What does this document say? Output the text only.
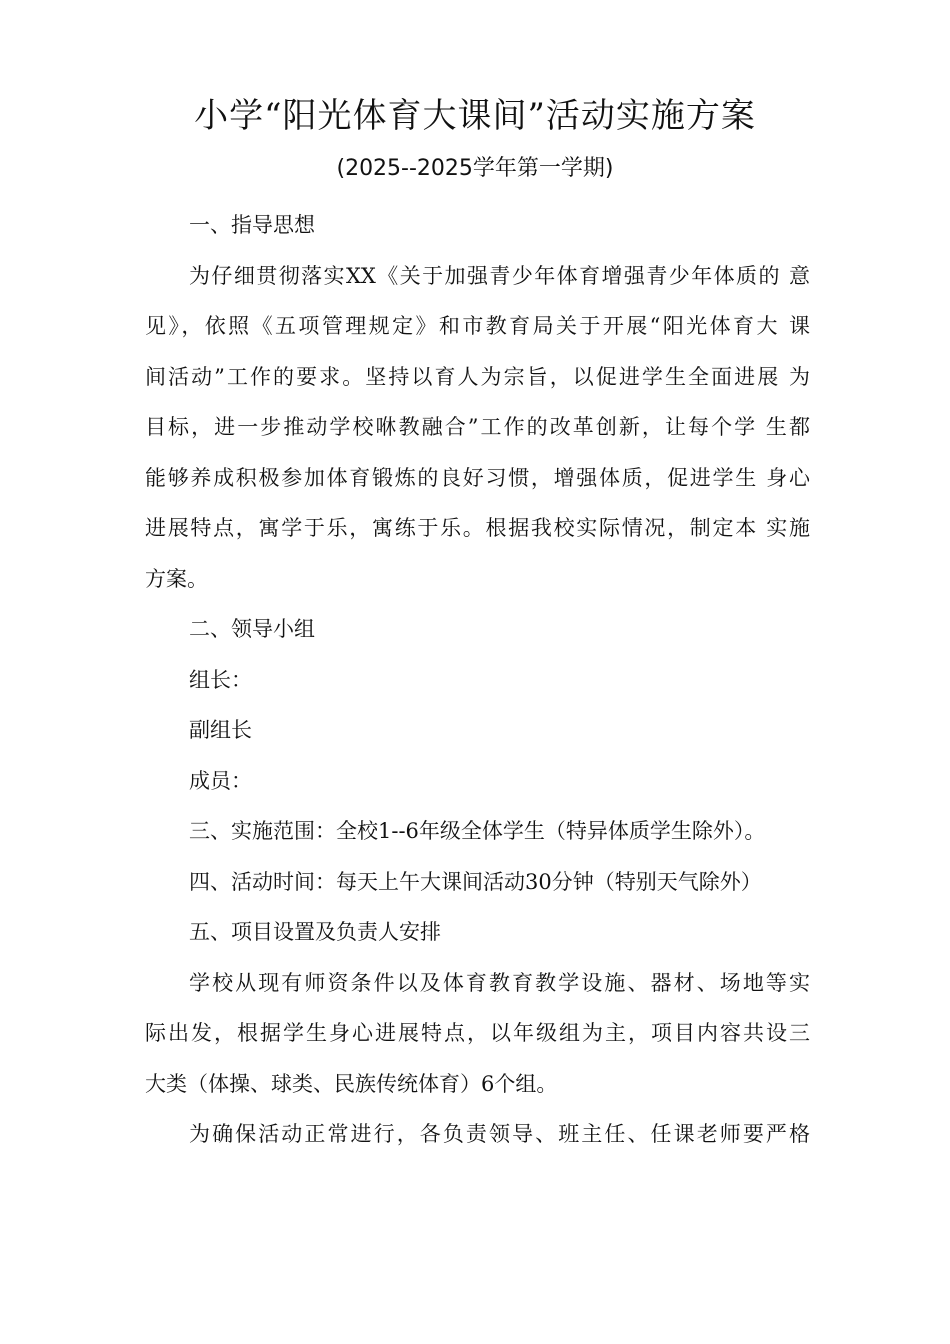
小学“阳光体育大课间”活动实施方案
(2025--2025学年第一学期)
一、指导思想
为仔细贯彻落实XX《关于加强青少年体育增强青少年体质的 意
见》，依照《五项管理规定》和市教育局关于开展“阳光体育大 课
间活动”工作的要求。坚持以育人为宗旨，以促进学生全面进展 为
目标，进一步推动学校咻教融合”工作的改革创新，让每个学 生都
能够养成积极参加体育锻炼的良好习惯，增强体质，促进学生 身心
进展特点，寓学于乐，寓练于乐。根据我校实际情况，制定本 实施
方案。
二、领导小组
组长：
副组长
成员：
三、实施范围：全校1--6年级全体学生（特异体质学生除外）。
四、活动时间：每天上午大课间活动30分钟（特别天气除外）
五、项目设置及负责人安排
学校从现有师资条件以及体育教育教学设施、器材、场地等实
际出发，根据学生身心进展特点，以年级组为主，项目内容共设三
大类（体操、球类、民族传统体育）6个组。
为确保活动正常进行，各负责领导、班主任、任课老师要严格
